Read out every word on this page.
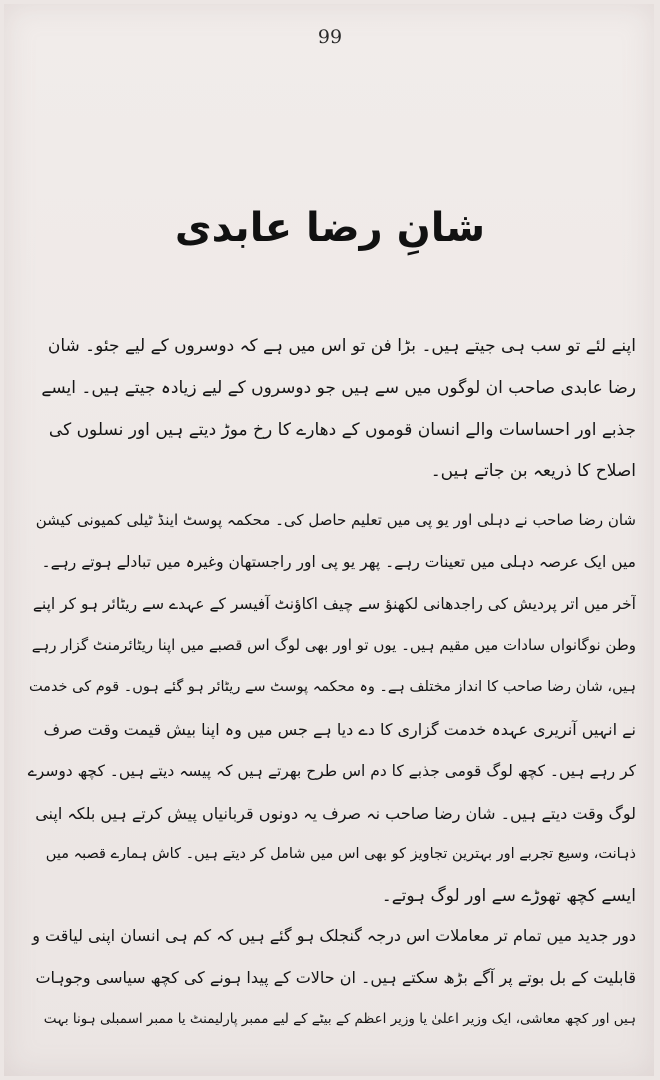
99
شانِ رضا عابدی
اپنے لئے تو سب ہی جیتے ہیں۔ بڑا فن تو اس میں ہے کہ دوسروں کے لیے جئو۔ شان
رضا عابدی صاحب ان لوگوں میں سے ہیں جو دوسروں کے لیے زیادہ جیتے ہیں۔ ایسے
جذبے اور احساسات والے انسان قوموں کے دھارے کا رخ موڑ دیتے ہیں اور نسلوں کی
اصلاح کا ذریعہ بن جاتے ہیں۔
شان رضا صاحب نے دہلی اور یو پی میں تعلیم حاصل کی۔ محکمہ پوسٹ اینڈ ٹیلی کمیونی کیشن
میں ایک عرصہ دہلی میں تعینات رہے۔ پھر یو پی اور راجستھان وغیرہ میں تبادلے ہوتے رہے۔
آخر میں اتر پردیش کی راجدھانی لکھنؤ سے چیف اکاؤنٹ آفیسر کے عہدے سے ریٹائر ہو کر اپنے
وطن نوگانواں سادات میں مقیم ہیں۔ یوں تو اور بھی لوگ اس قصبے میں اپنا ریٹائرمنٹ گزار رہے
ہیں، شان رضا صاحب کا انداز مختلف ہے۔ وہ محکمہ پوسٹ سے ریٹائر ہو گئے ہوں۔ قوم کی خدمت
نے انہیں آنریری عہدہ خدمت گزاری کا دے دیا ہے جس میں وہ اپنا بیش قیمت وقت صرف
کر رہے ہیں۔ کچھ لوگ قومی جذبے کا دم اس طرح بھرتے ہیں کہ پیسہ دیتے ہیں۔ کچھ دوسرے
لوگ وقت دیتے ہیں۔ شان رضا صاحب نہ صرف یہ دونوں قربانیاں پیش کرتے ہیں بلکہ اپنی
ذہانت، وسیع تجربے اور بہترین تجاویز کو بھی اس میں شامل کر دیتے ہیں۔ کاش ہمارے قصبہ میں
ایسے کچھ تھوڑے سے اور لوگ ہوتے۔
دور جدید میں تمام تر معاملات اس درجہ گنجلک ہو گئے ہیں کہ کم ہی انسان اپنی لیاقت و
قابلیت کے بل بوتے پر آگے بڑھ سکتے ہیں۔ ان حالات کے پیدا ہونے کی کچھ سیاسی وجوہات
ہیں اور کچھ معاشی، ایک وزیر اعلیٰ یا وزیر اعظم کے بیٹے کے لیے ممبر پارلیمنٹ یا ممبر اسمبلی ہونا بہت
